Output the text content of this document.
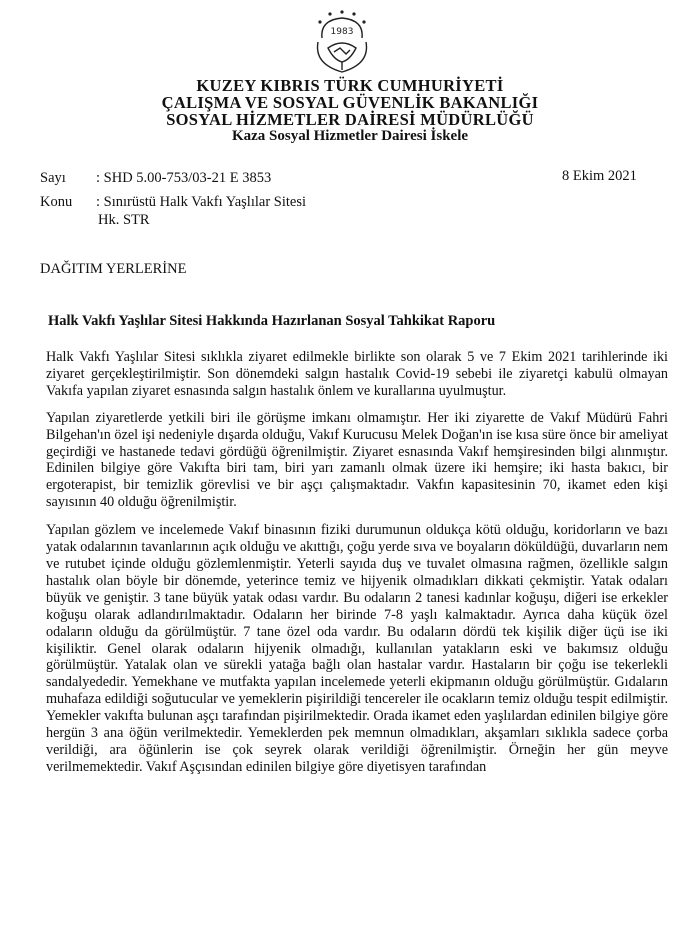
1983
KUZEY KIBRIS TÜRK CUMHURİYETİ
ÇALIŞMA VE SOSYAL GÜVENLİK BAKANLIĞI
SOSYAL HİZMETLER DAİRESİ MÜDÜRLÜĞÜ
Kaza Sosyal Hizmetler Dairesi İskele
Sayı : SHD 5.00-753/03-21 E 3853	8 Ekim 2021
Konu : Sınırüstü Halk Vakfı Yaşlılar Sitesi
Hk. STR
DAĞITIM YERLERİNE
Halk Vakfı Yaşlılar Sitesi Hakkında Hazırlanan Sosyal Tahkikat Raporu

Halk Vakfı Yaşlılar Sitesi sıklıkla ziyaret edilmekle birlikte son olarak 5 ve 7 Ekim 2021 tarihlerinde iki ziyaret gerçekleştirilmiştir. Son dönemdeki salgın hastalık Covid-19 sebebi ile ziyaretçi kabulü olmayan Vakıfa yapılan ziyaret esnasında salgın hastalık önlem ve kurallarına uyulmuştur.

Yapılan ziyaretlerde yetkili biri ile görüşme imkanı olmamıştır. Her iki ziyarette de Vakıf Müdürü Fahri Bilgehan'ın özel işi nedeniyle dışarda olduğu, Vakıf Kurucusu Melek Doğan'ın ise kısa süre önce bir ameliyat geçirdiği ve hastanede tedavi gördüğü öğrenilmiştir. Ziyaret esnasında Vakıf hemşiresinden bilgi alınmıştır. Edinilen bilgiye göre Vakıfta biri tam, biri yarı zamanlı olmak üzere iki hemşire; iki hasta bakıcı, bir ergoterapist, bir temizlik görevlisi ve bir aşçı çalışmaktadır. Vakfın kapasitesinin 70, ikamet eden kişi sayısının 40 olduğu öğrenilmiştir.

Yapılan gözlem ve incelemede Vakıf binasının fiziki durumunun oldukça kötü olduğu, koridorların ve bazı yatak odalarının tavanlarının açık olduğu ve akıttığı, çoğu yerde sıva ve boyaların döküldüğü, duvarların nem ve rutubet içinde olduğu gözlemlenmiştir. Yeterli sayıda duş ve tuvalet olmasına rağmen, özellikle salgın hastalık olan böyle bir dönemde, yeterince temiz ve hijyenik olmadıkları dikkati çekmiştir. Yatak odaları büyük ve geniştir. 3 tane büyük yatak odası vardır. Bu odaların 2 tanesi kadınlar koğuşu, diğeri ise erkekler koğuşu olarak adlandırılmaktadır. Odaların her birinde 7-8 yaşlı kalmaktadır. Ayrıca daha küçük özel odaların olduğu da görülmüştür. 7 tane özel oda vardır. Bu odaların dördü tek kişilik diğer üçü ise iki kişiliktir. Genel olarak odaların hijyenik olmadığı, kullanılan yatakların eski ve bakımsız olduğu görülmüştür. Yatalak olan ve sürekli yatağa bağlı olan hastalar vardır. Hastaların bir çoğu ise tekerlekli sandalyededir. Yemekhane ve mutfakta yapılan incelemede yeterli ekipmanın olduğu görülmüştür. Gıdaların muhafaza edildiği soğutucular ve yemeklerin pişirildiği tencereler ile ocakların temiz olduğu tespit edilmiştir. Yemekler vakıfta bulunan aşçı tarafından pişirilmektedir. Orada ikamet eden yaşlılardan edinilen bilgiye göre hergün 3 ana öğün verilmektedir. Yemeklerden pek memnun olmadıkları, akşamları sıklıkla sadece çorba verildiği, ara öğünlerin ise çok seyrek olarak verildiği öğrenilmiştir. Örneğin her gün meyve verilmemektedir. Vakıf Aşçısından edinilen bilgiye göre diyetisyen tarafından
